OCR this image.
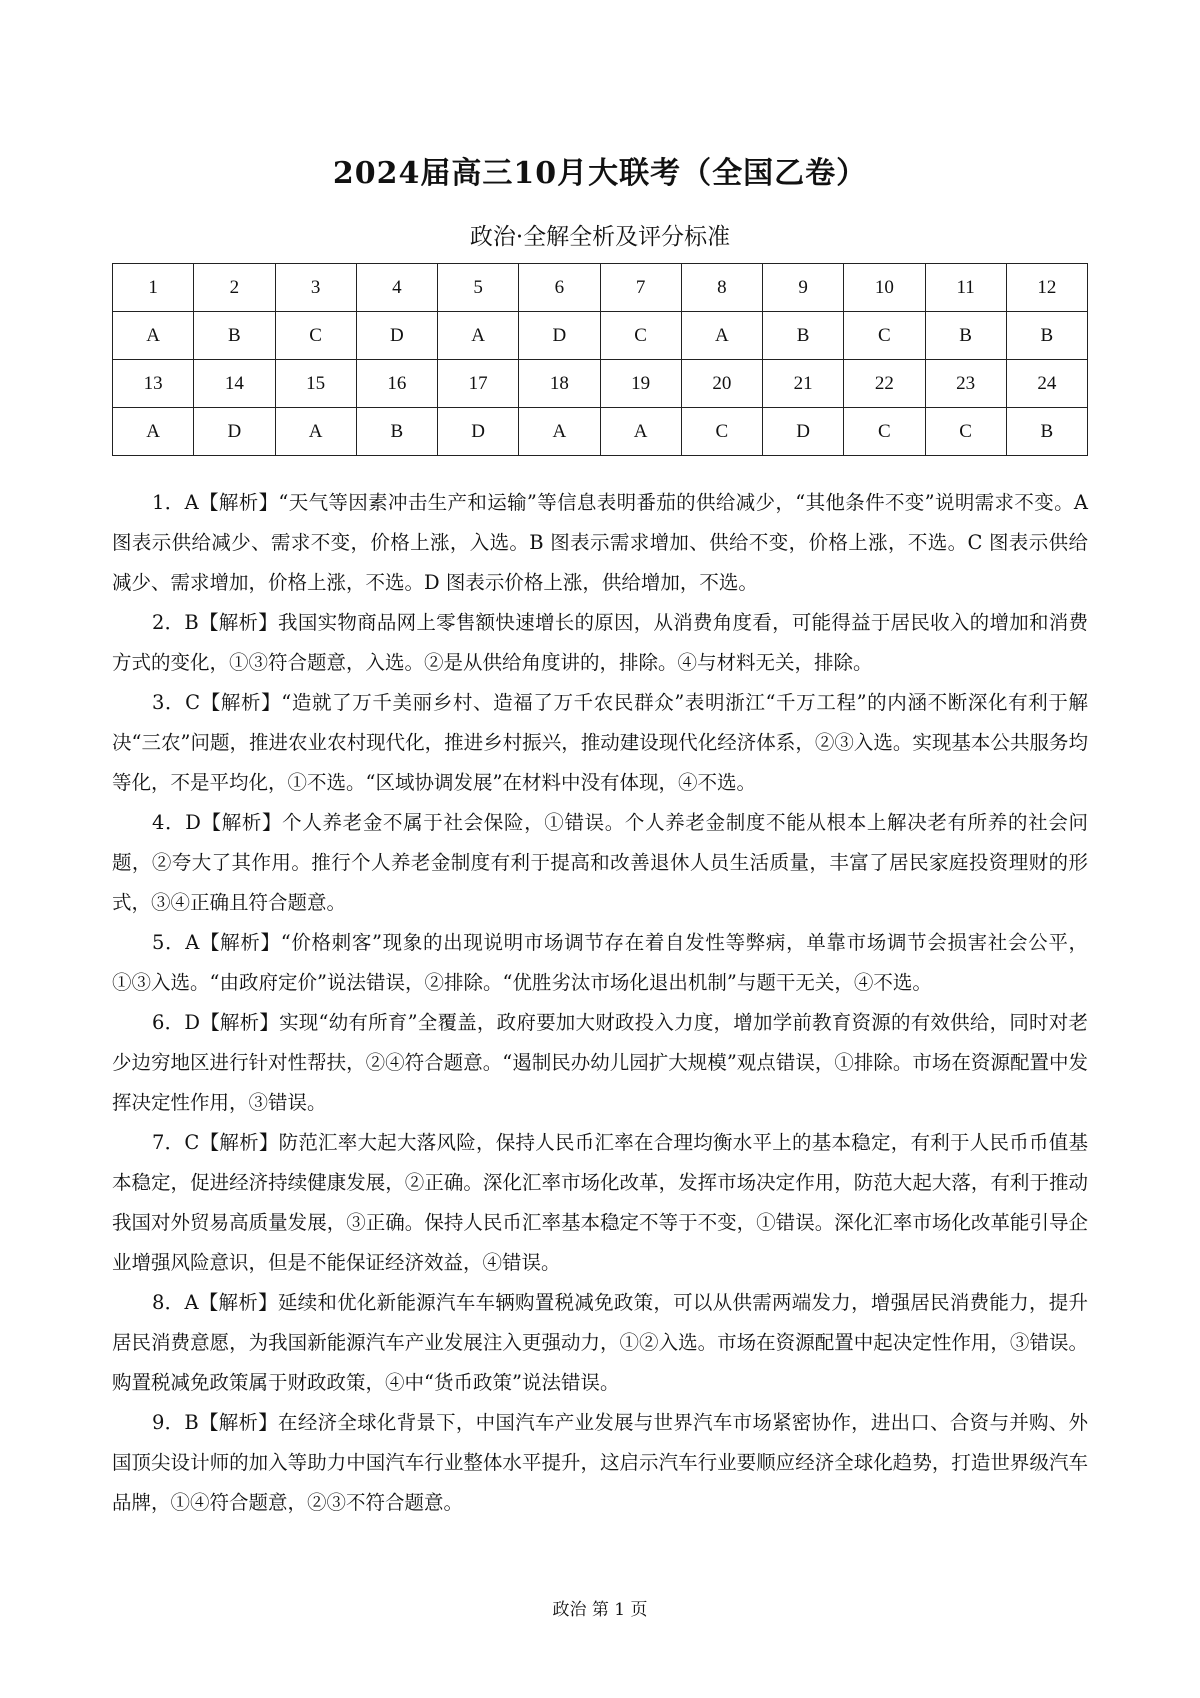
2024届高三10月大联考（全国乙卷）
政治·全解全析及评分标准
1	2	3	4	5	6	7	8	9	10	11	12
A	B	C	D	A	D	C	A	B	C	B	B
13	14	15	16	17	18	19	20	21	22	23	24
A	D	A	B	D	A	A	C	D	C	C	B

1．A【解析】“天气等因素冲击生产和运输”等信息表明番茄的供给减少，“其他条件不变”说明需求不变。A 图表示供给减少、需求不变，价格上涨，入选。B 图表示需求增加、供给不变，价格上涨，不选。C 图表示供给减少、需求增加，价格上涨，不选。D 图表示价格上涨，供给增加，不选。

2．B【解析】我国实物商品网上零售额快速增长的原因，从消费角度看，可能得益于居民收入的增加和消费方式的变化，①③符合题意，入选。②是从供给角度讲的，排除。④与材料无关，排除。

3．C【解析】“造就了万千美丽乡村、造福了万千农民群众”表明浙江“千万工程”的内涵不断深化有利于解决“三农”问题，推进农业农村现代化，推进乡村振兴，推动建设现代化经济体系，②③入选。实现基本公共服务均等化，不是平均化，①不选。“区域协调发展”在材料中没有体现，④不选。

4．D【解析】个人养老金不属于社会保险，①错误。个人养老金制度不能从根本上解决老有所养的社会问题，②夸大了其作用。推行个人养老金制度有利于提高和改善退休人员生活质量，丰富了居民家庭投资理财的形式，③④正确且符合题意。

5．A【解析】“价格刺客”现象的出现说明市场调节存在着自发性等弊病，单靠市场调节会损害社会公平，①③入选。“由政府定价”说法错误，②排除。“优胜劣汰市场化退出机制”与题干无关，④不选。

6．D【解析】实现“幼有所育”全覆盖，政府要加大财政投入力度，增加学前教育资源的有效供给，同时对老少边穷地区进行针对性帮扶，②④符合题意。“遏制民办幼儿园扩大规模”观点错误，①排除。市场在资源配置中发挥决定性作用，③错误。

7．C【解析】防范汇率大起大落风险，保持人民币汇率在合理均衡水平上的基本稳定，有利于人民币币值基本稳定，促进经济持续健康发展，②正确。深化汇率市场化改革，发挥市场决定作用，防范大起大落，有利于推动我国对外贸易高质量发展，③正确。保持人民币汇率基本稳定不等于不变，①错误。深化汇率市场化改革能引导企业增强风险意识，但是不能保证经济效益，④错误。

8．A【解析】延续和优化新能源汽车车辆购置税减免政策，可以从供需两端发力，增强居民消费能力，提升居民消费意愿，为我国新能源汽车产业发展注入更强动力，①②入选。市场在资源配置中起决定性作用，③错误。购置税减免政策属于财政政策，④中“货币政策”说法错误。

9．B【解析】在经济全球化背景下，中国汽车产业发展与世界汽车市场紧密协作，进出口、合资与并购、外国顶尖设计师的加入等助力中国汽车行业整体水平提升，这启示汽车行业要顺应经济全球化趋势，打造世界级汽车品牌，①④符合题意，②③不符合题意。

政治 第 1 页
